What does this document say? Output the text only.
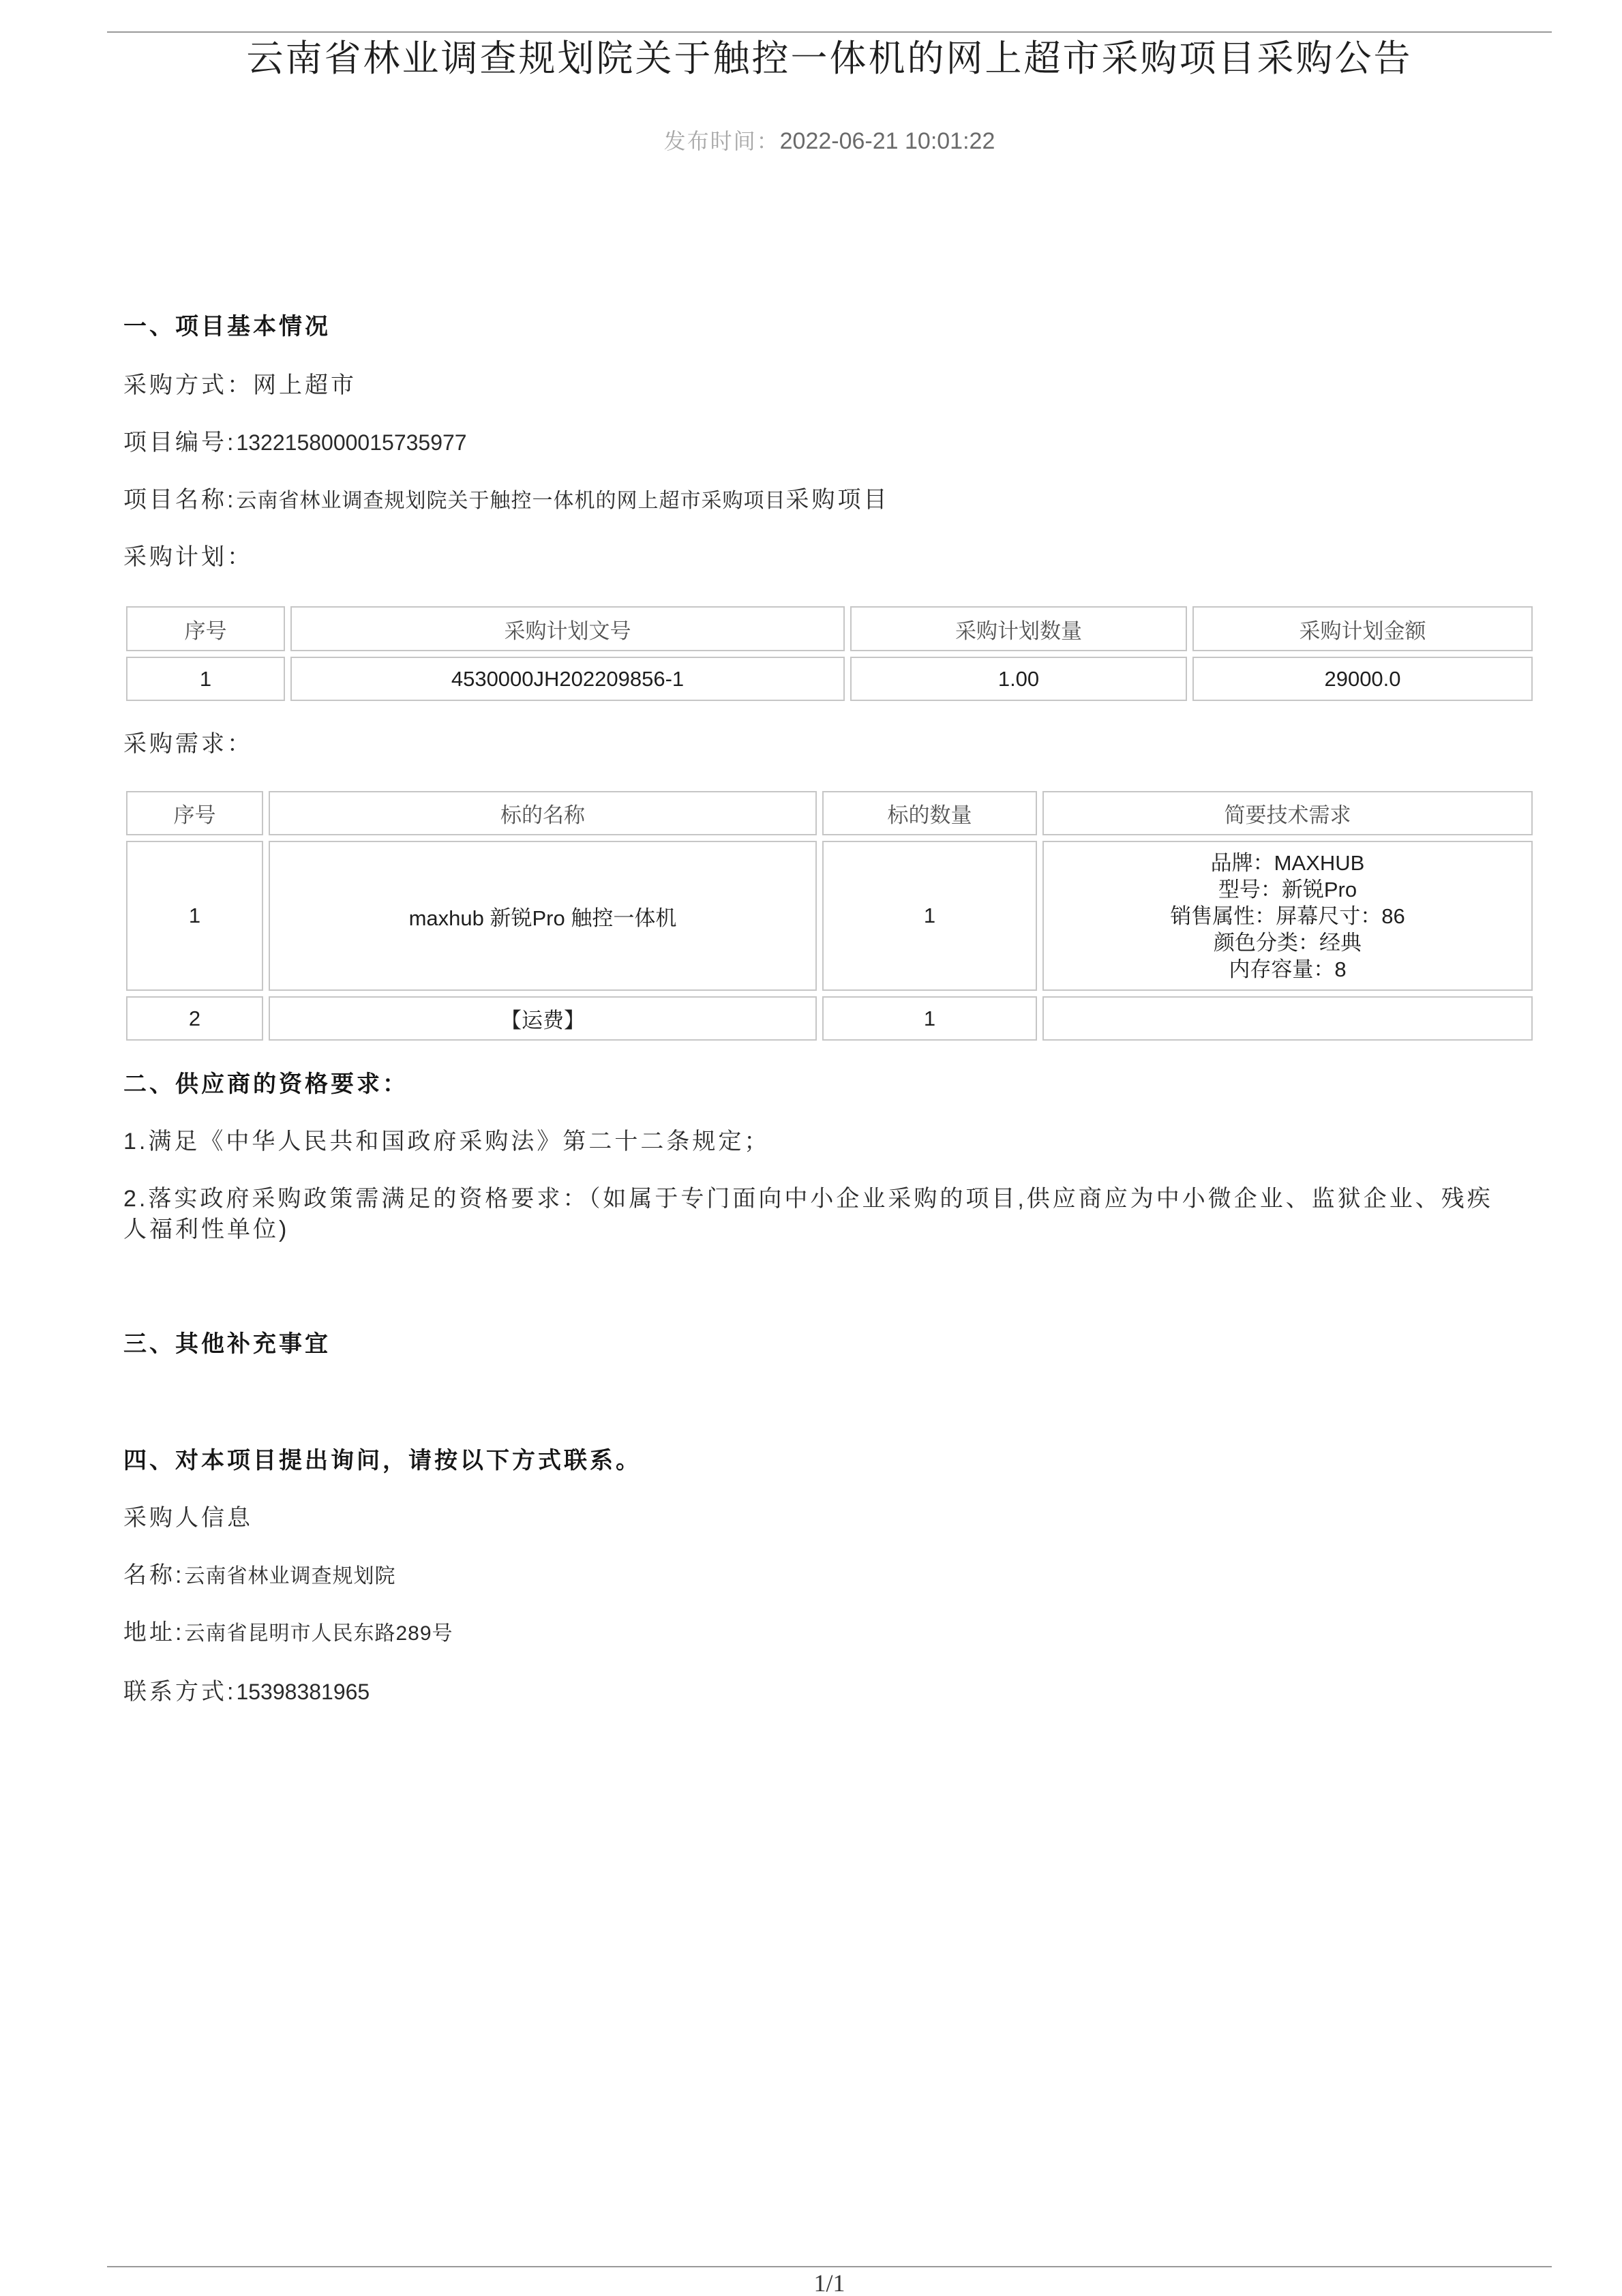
云南省林业调查规划院关于触控一体机的网上超市采购项目采购公告
发布时间：2022-06-21 10:01:22
一、项目基本情况
采购方式：网上超市
项目编号:1322158000015735977
项目名称:云南省林业调查规划院关于触控一体机的网上超市采购项目采购项目
采购计划：
序号	采购计划文号	采购计划数量	采购计划金额
1	4530000JH202209856-1	1.00	29000.0
采购需求：
序号	标的名称	标的数量	简要技术需求
1	maxhub 新锐Pro 触控一体机	1	品牌：MAXHUB
型号：新锐Pro
销售属性：屏幕尺寸：86
颜色分类：经典
内存容量：8

2	【运费】	1	
二、供应商的资格要求：
1.满足《中华人民共和国政府采购法》第二十二条规定；
2.落实政府采购政策需满足的资格要求：（如属于专门面向中小企业采购的项目,供应商应为中小微企业、监狱企业、残疾
人福利性单位)
三、其他补充事宜
四、对本项目提出询问，请按以下方式联系。
采购人信息
名称:云南省林业调查规划院
地址:云南省昆明市人民东路289号
联系方式:15398381965
1/1
